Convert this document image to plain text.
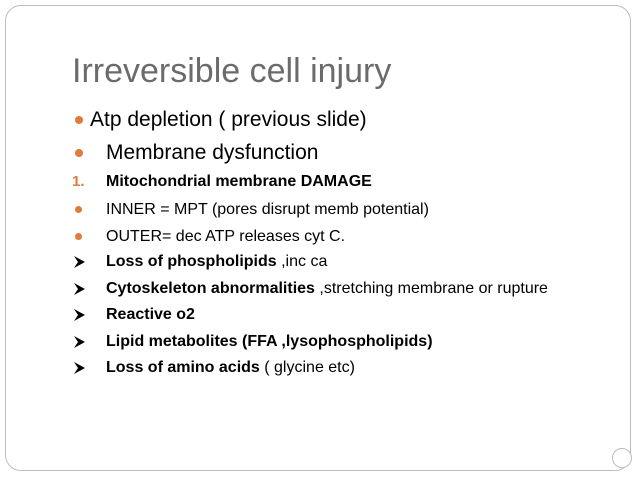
Irreversible cell injury
Atp depletion ( previous slide)
Membrane dysfunction
1. Mitochondrial membrane DAMAGE
INNER = MPT (pores disrupt memb potential)
OUTER= dec ATP releases cyt C.
Loss of phospholipids ,inc ca
Cytoskeleton abnormalities ,stretching membrane or rupture
Reactive o2
Lipid metabolites (FFA ,lysophospholipids)
Loss of amino acids ( glycine etc)
